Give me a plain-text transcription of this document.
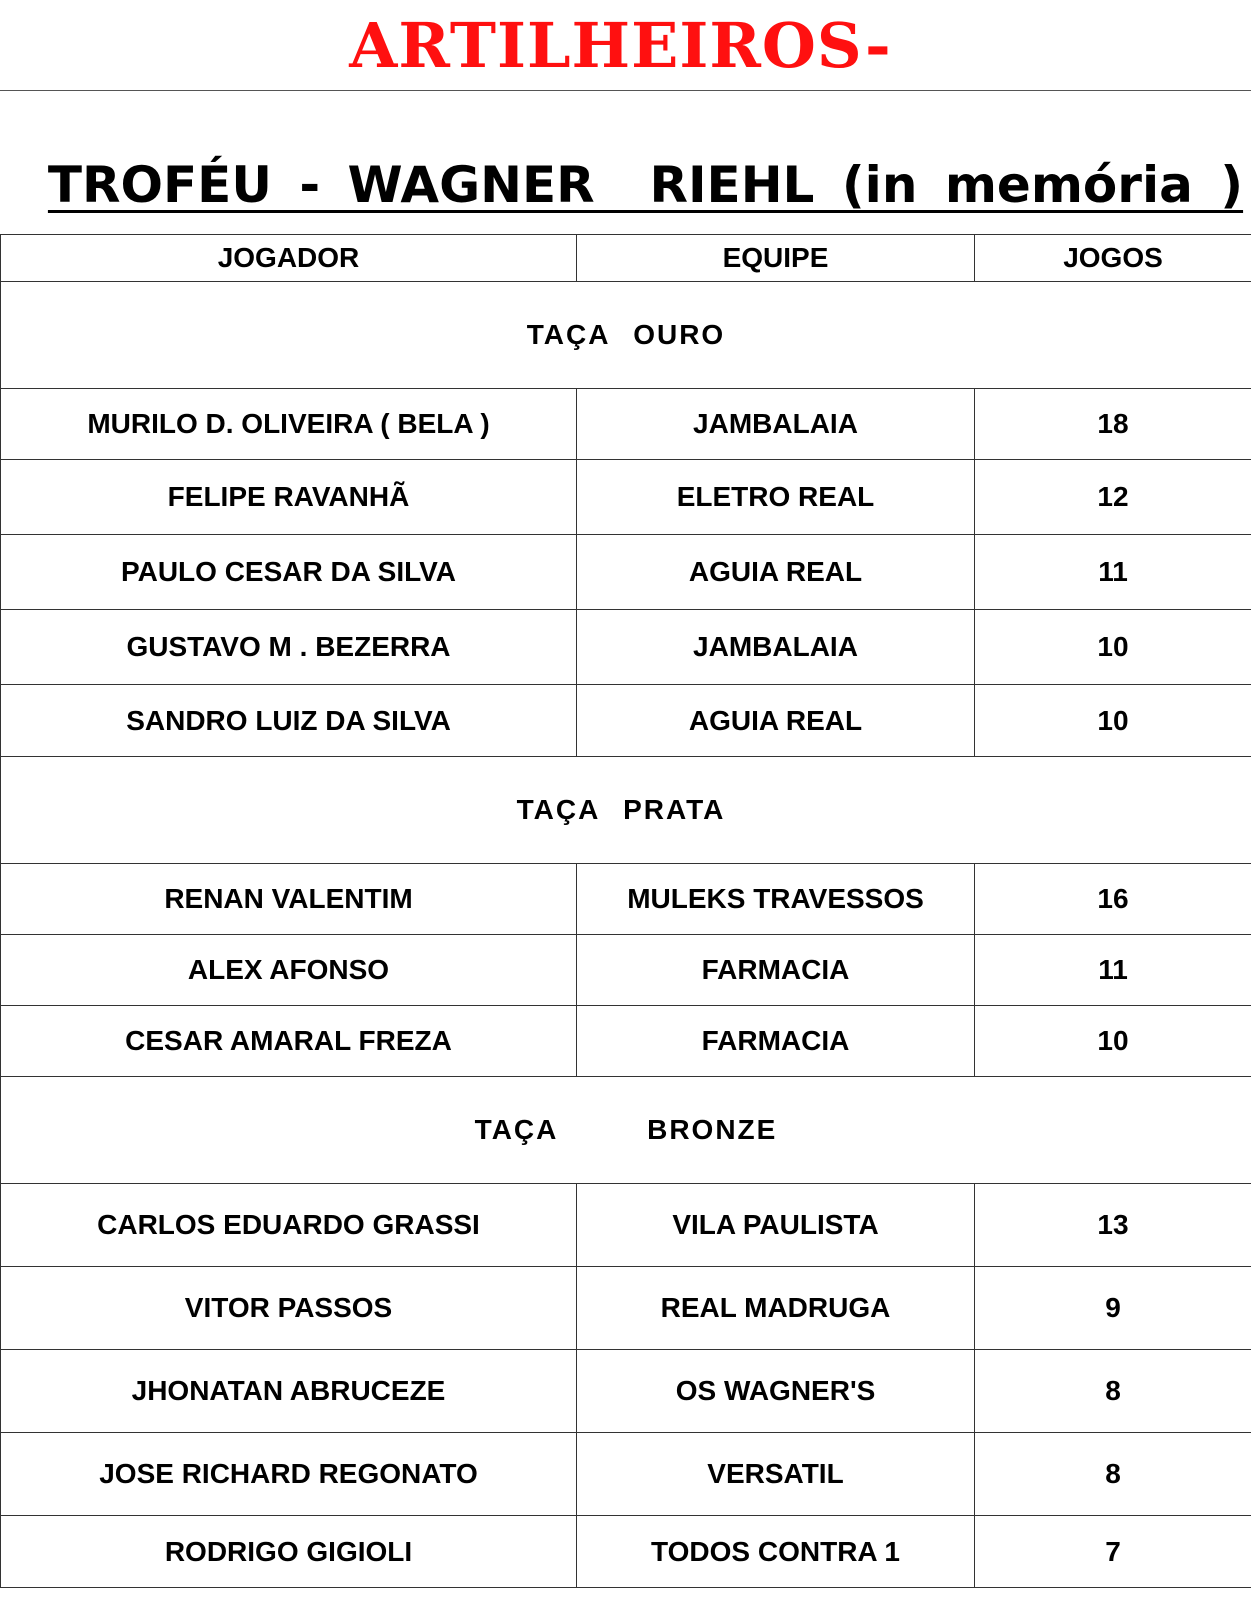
ARTILHEIROS-
TROFÉU - WAGNER  RIEHL (in memória )
JOGADOR	EQUIPE	JOGOS
TAÇA OURO		
MURILO D. OLIVEIRA ( BELA )	JAMBALAIA	18
FELIPE RAVANHÃ	ELETRO REAL	12
PAULO CESAR DA SILVA	AGUIA REAL	11
GUSTAVO M . BEZERRA	JAMBALAIA	10
SANDRO LUIZ DA SILVA	AGUIA REAL	10
TAÇA PRATA		
RENAN VALENTIM	MULEKS TRAVESSOS	16
ALEX AFONSO	FARMACIA	11
CESAR AMARAL FREZA	FARMACIA	10
TAÇA BRONZE		
CARLOS EDUARDO GRASSI	VILA PAULISTA	13
VITOR PASSOS	REAL MADRUGA	9
JHONATAN ABRUCEZE	OS WAGNER'S	8
JOSE RICHARD REGONATO	VERSATIL	8
RODRIGO GIGIOLI	TODOS CONTRA 1	7
